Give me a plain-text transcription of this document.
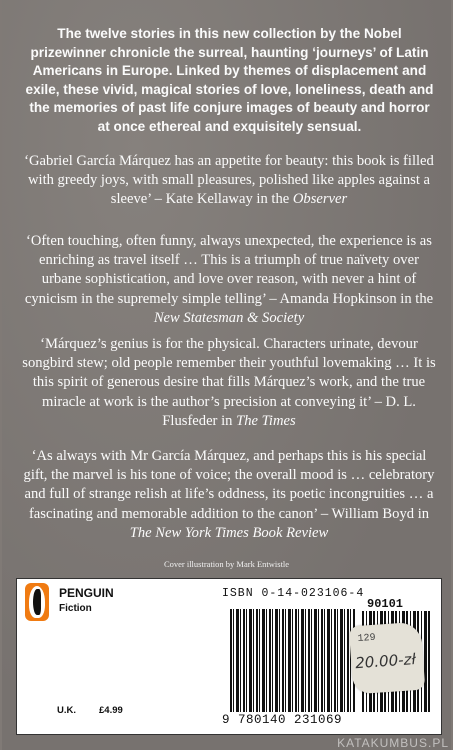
The twelve stories in this new collection by the Nobel prizewinner chronicle the surreal, haunting ‘journeys’ of Latin Americans in Europe. Linked by themes of displacement and exile, these vivid, magical stories of love, loneliness, death and the memories of past life conjure images of beauty and horror at once ethereal and exquisitely sensual.

‘Gabriel García Márquez has an appetite for beauty: this book is filled with greedy joys, with small pleasures, polished like apples against a sleeve’ – Kate Kellaway in the Observer

‘Often touching, often funny, always unexpected, the experience is as enriching as travel itself … This is a triumph of true naïvety over urbane sophistication, and love over reason, with never a hint of cynicism in the supremely simple telling’ – Amanda Hopkinson in the New Statesman & Society

‘Márquez’s genius is for the physical. Characters urinate, devour songbird stew; old people remember their youthful lovemaking … It is this spirit of generous desire that fills Márquez’s work, and the true miracle at work is the author’s precision at conveying it’ – D. L. Flusfeder in The Times

‘As always with Mr García Márquez, and perhaps this is his special gift, the marvel is his tone of voice; the overall mood is … celebratory and full of strange relish at life’s oddness, its poetic incongruities … a fascinating and memorable addition to the canon’ – William Boyd in The New York Times Book Review

Cover illustration by Mark Entwistle
PENGUIN
Fiction
ISBN 0-14-023106-4
90101
129
20.00-zł
9 780140 231069
U.K. £4.99
KATAKUMBUS.PL
